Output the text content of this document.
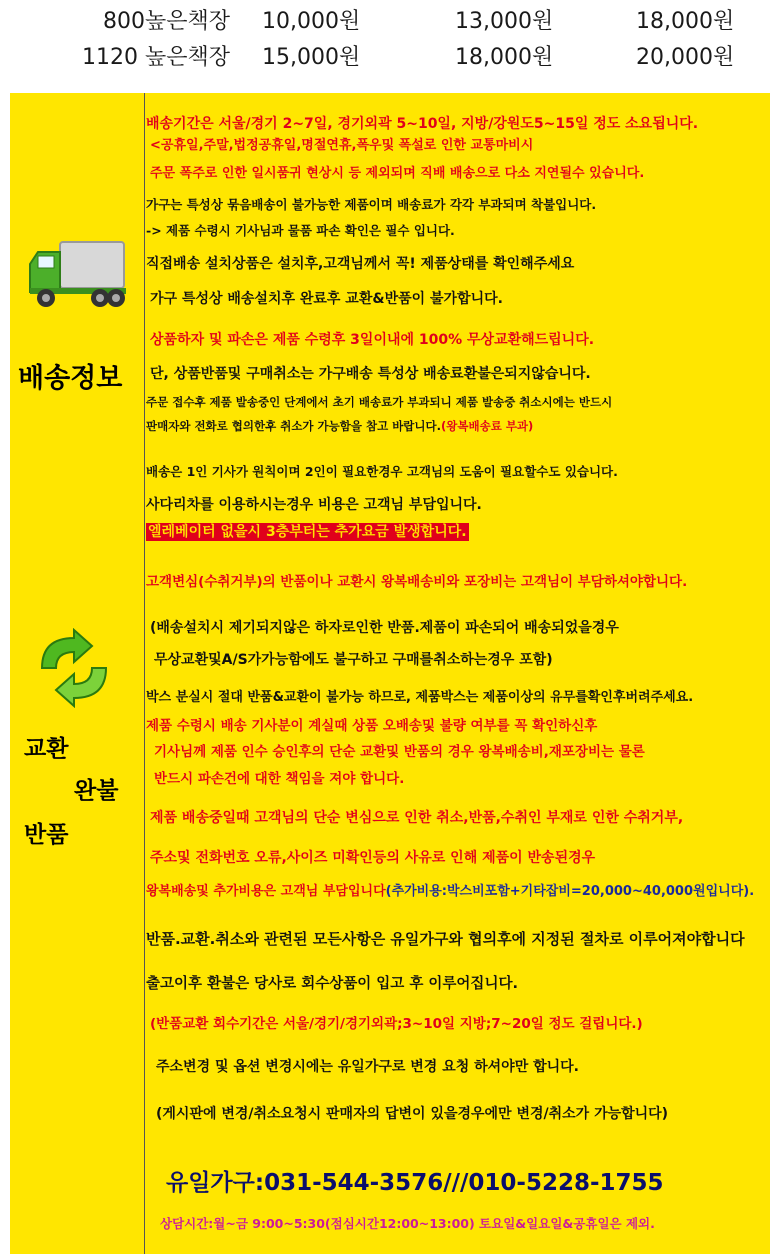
800높은책장 10,000원	13,000원	18,000원
1120 높은책장 15,000원	18,000원	20,000원
배송정보
교환
완불
반품
배송기간은 서울/경기 2~7일, 경기외곽 5~10일, 지방/강원도5~15일 정도 소요됩니다.
<공휴일,주말,법정공휴일,명절연휴,폭우및 폭설로 인한 교통마비시
주문 폭주로 인한 일시품귀 현상시 등 제외되며 직배 배송으로 다소 지연될수 있습니다.
가구는 특성상 묶음배송이 불가능한 제품이며 배송료가 각각 부과되며 착불입니다.
-> 제품 수령시 기사님과 물품 파손 확인은 필수 입니다.
직접배송 설치상품은 설치후,고객님께서 꼭! 제품상태를 확인해주세요
가구 특성상 배송설치후 완료후 교환&반품이 불가합니다.
상품하자 및 파손은 제품 수령후 3일이내에 100% 무상교환해드립니다.
단, 상품반품및 구매취소는 가구배송 특성상 배송료환불은되지않습니다.
주문 접수후 제품 발송중인 단계에서 초기 배송료가 부과되니 제품 발송중 취소시에는 반드시
판매자와 전화로 협의한후 취소가 가능함을 참고 바랍니다.(왕복배송료 부과)
배송은 1인 기사가 원칙이며 2인이 필요한경우 고객님의 도움이 필요할수도 있습니다.
사다리차를 이용하시는경우 비용은 고객님 부담입니다.
엘레베이터 없을시 3층부터는 추가요금 발생합니다.
고객변심(수취거부)의 반품이나 교환시 왕복배송비와 포장비는 고객님이 부담하셔야합니다.
(배송설치시 제기되지않은 하자로인한 반품.제품이 파손되어 배송되었을경우
무상교환및A/S가가능함에도 불구하고 구매를취소하는경우 포함)
박스 분실시 절대 반품&교환이 불가능 하므로, 제품박스는 제품이상의 유무를확인후버려주세요.
제품 수령시 배송 기사분이 계실때 상품 오배송및 불량 여부를 꼭 확인하신후
기사님께 제품 인수 승인후의 단순 교환및 반품의 경우 왕복배송비,재포장비는 물론
반드시 파손건에 대한 책임을 져야 합니다.
제품 배송중일때 고객님의 단순 변심으로 인한 취소,반품,수취인 부재로 인한 수취거부,
주소및 전화번호 오류,사이즈 미확인등의 사유로 인해 제품이 반송된경우
왕복배송및 추가비용은 고객님 부담입니다(추가비용:박스비포함+기타잡비=20,000~40,000원입니다).
반품.교환.취소와 관련된 모든사항은 유일가구와 협의후에 지정된 절차로 이루어져야합니다
출고이후 환불은 당사로 회수상품이 입고 후 이루어집니다.
(반품교환 회수기간은 서울/경기/경기외곽;3~10일 지방;7~20일 정도 걸립니다.)
주소변경 및 옵션 변경시에는 유일가구로 변경 요청 하셔야만 합니다.
(게시판에 변경/취소요청시 판매자의 답변이 있을경우에만 변경/취소가 가능합니다)
유일가구:031-544-3576///010-5228-1755
상담시간:월~금 9:00~5:30(점심시간12:00~13:00) 토요일&일요일&공휴일은 제외.
